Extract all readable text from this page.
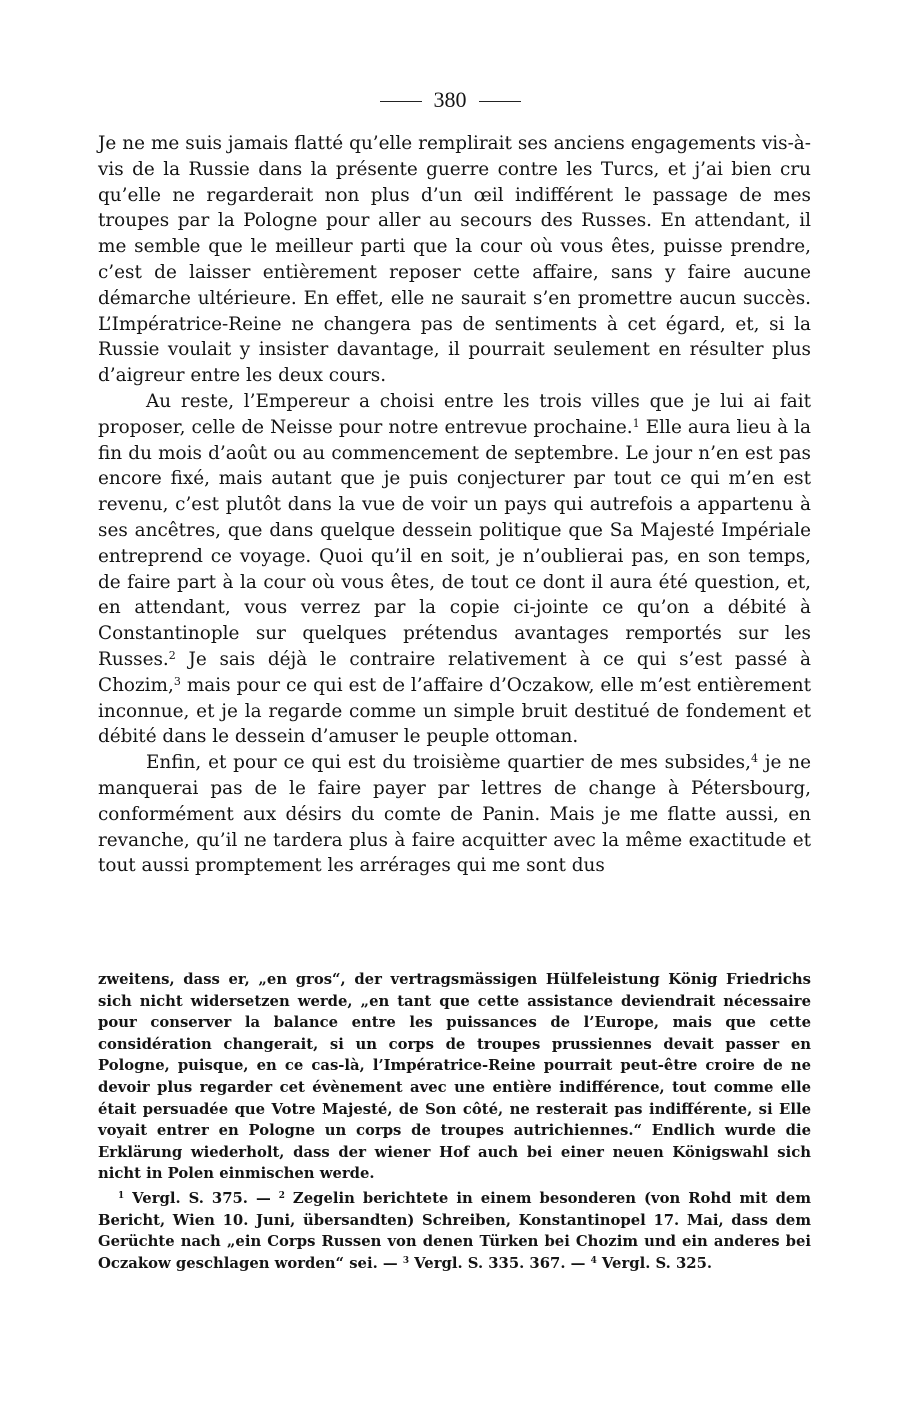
380

Je ne me suis jamais flatté qu’elle remplirait ses anciens engagements vis-à-vis de la Russie dans la présente guerre contre les Turcs, et j’ai bien cru qu’elle ne regarderait non plus d’un œil indifférent le passage de mes troupes par la Pologne pour aller au secours des Russes. En attendant, il me semble que le meilleur parti que la cour où vous êtes, puisse prendre, c’est de laisser entièrement reposer cette affaire, sans y faire aucune démarche ultérieure. En effet, elle ne saurait s’en promettre aucun succès. L’Impératrice-Reine ne changera pas de sentiments à cet égard, et, si la Russie voulait y insister davantage, il pourrait seulement en résulter plus d’aigreur entre les deux cours.

Au reste, l’Empereur a choisi entre les trois villes que je lui ai fait proposer, celle de Neisse pour notre entrevue prochaine.$^1$ Elle aura lieu à la fin du mois d’août ou au commencement de septembre. Le jour n’en est pas encore fixé, mais autant que je puis conjecturer par tout ce qui m’en est revenu, c’est plutôt dans la vue de voir un pays qui autrefois a appartenu à ses ancêtres, que dans quelque dessein politique que Sa Majesté Impériale entreprend ce voyage. Quoi qu’il en soit, je n’oublierai pas, en son temps, de faire part à la cour où vous êtes, de tout ce dont il aura été question, et, en attendant, vous verrez par la copie ci-jointe ce qu’on a débité à Constantinople sur quelques prétendus avantages remportés sur les Russes.$^2$ Je sais déjà le contraire relativement à ce qui s’est passé à Chozim,$^3$ mais pour ce qui est de l’affaire d’Oczakow, elle m’est entièrement inconnue, et je la regarde comme un simple bruit destitué de fondement et débité dans le dessein d’amuser le peuple ottoman.

Enfin, et pour ce qui est du troisième quartier de mes subsides,$^4$ je ne manquerai pas de le faire payer par lettres de change à Pétersbourg, conformément aux désirs du comte de Panin. Mais je me flatte aussi, en revanche, qu’il ne tardera plus à faire acquitter avec la même exactitude et tout aussi promptement les arrérages qui me sont dus

zweitens, dass er, „en gros“, der vertragsmässigen Hülfeleistung König Friedrichs sich nicht widersetzen werde, „en tant que cette assistance deviendrait nécessaire pour conserver la balance entre les puissances de l’Europe, mais que cette considération changerait, si un corps de troupes prussiennes devait passer en Pologne, puisque, en ce cas-là, l’Impératrice-Reine pourrait peut-être croire de ne devoir plus regarder cet évènement avec une entière indifférence, tout comme elle était persuadée que Votre Majesté, de Son côté, ne resterait pas indifférente, si Elle voyait entrer en Pologne un corps de troupes autrichiennes.“ Endlich wurde die Erklärung wiederholt, dass der wiener Hof auch bei einer neuen Königswahl sich nicht in Polen einmischen werde.

$^1$ Vergl. S. 375. — $^2$ Zegelin berichtete in einem besonderen (von Rohd mit dem Bericht, Wien 10. Juni, übersandten) Schreiben, Konstantinopel 17. Mai, dass dem Gerüchte nach „ein Corps Russen von denen Türken bei Chozim und ein anderes bei Oczakow geschlagen worden“ sei. — $^3$ Vergl. S. 335. 367. — $^4$ Vergl. S. 325.
